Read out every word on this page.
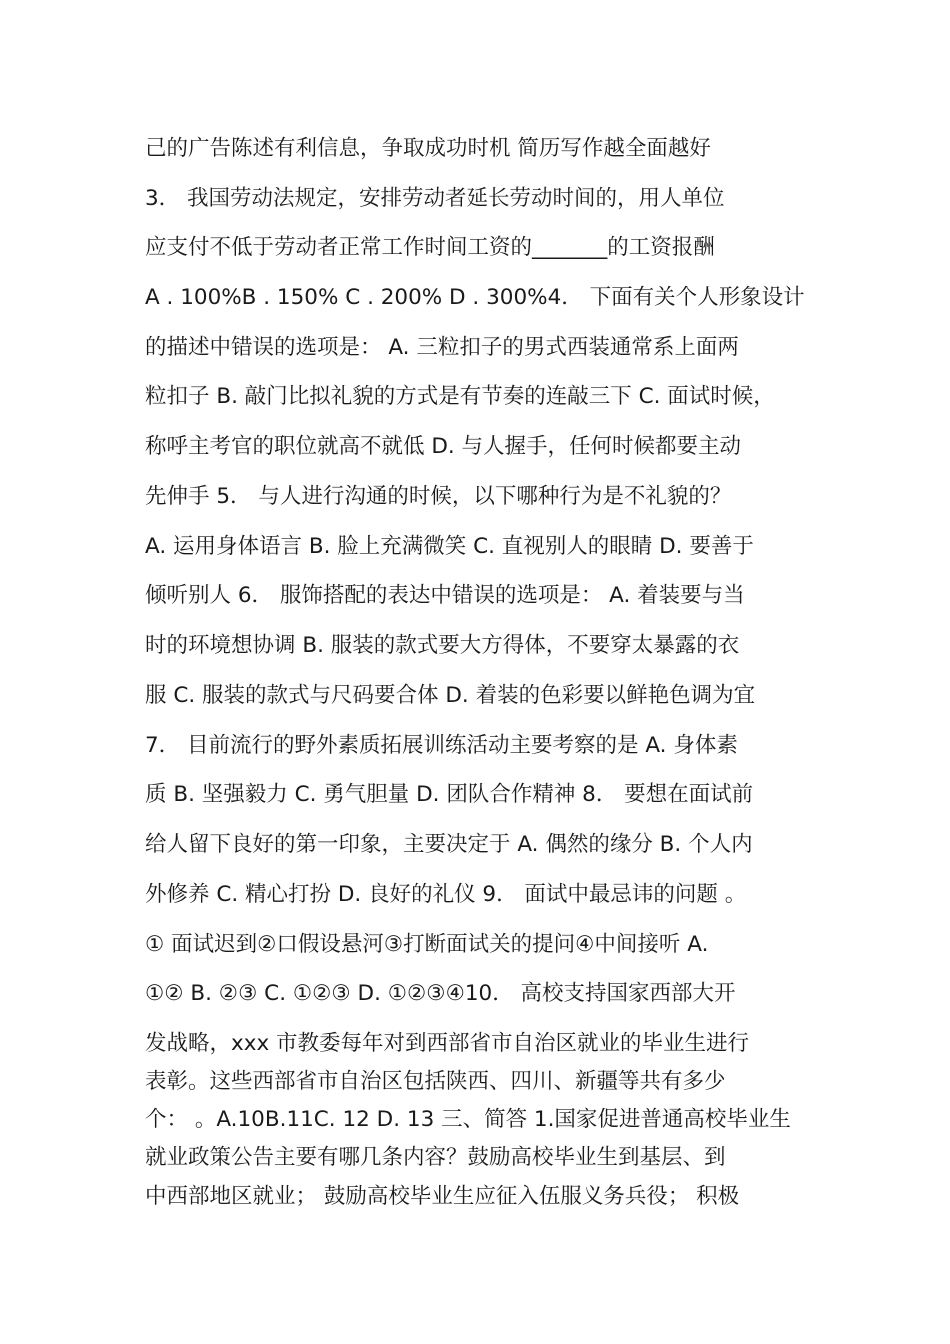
己的广告陈述有利信息，争取成功时机 简历写作越全面越好
3． 我国劳动法规定，安排劳动者延长劳动时间的，用人单位
应支付不低于劳动者正常工作时间工资的_______的工资报酬
A . 100%B . 150% C . 200% D . 300%4． 下面有关个人形象设计
的描述中错误的选项是： A. 三粒扣子的男式西装通常系上面两
粒扣子 B. 敲门比拟礼貌的方式是有节奏的连敲三下 C. 面试时候，
称呼主考官的职位就高不就低 D. 与人握手，任何时候都要主动
先伸手 5． 与人进行沟通的时候，以下哪种行为是不礼貌的？
A. 运用身体语言 B. 脸上充满微笑 C. 直视别人的眼睛 D. 要善于
倾听别人 6． 服饰搭配的表达中错误的选项是： A. 着装要与当
时的环境想协调 B. 服装的款式要大方得体，不要穿太暴露的衣
服 C. 服装的款式与尺码要合体 D. 着装的色彩要以鲜艳色调为宜
7． 目前流行的野外素质拓展训练活动主要考察的是 A. 身体素
质 B. 坚强毅力 C. 勇气胆量 D. 团队合作精神 8． 要想在面试前
给人留下良好的第一印象，主要决定于 A. 偶然的缘分 B. 个人内
外修养 C. 精心打扮 D. 良好的礼仪 9． 面试中最忌讳的问题 。
① 面试迟到②口假设悬河③打断面试关的提问④中间接听 A.
①② B. ②③ C. ①②③ D. ①②③④10． 高校支持国家西部大开
发战略，xxx 市教委每年对到西部省市自治区就业的毕业生进行
表彰。这些西部省市自治区包括陕西、四川、新疆等共有多少
个： 。A.10B.11C. 12 D. 13 三、简答 1.国家促进普通高校毕业生
就业政策公告主要有哪几条内容？鼓励高校毕业生到基层、到
中西部地区就业； 鼓励高校毕业生应征入伍服义务兵役； 积极
